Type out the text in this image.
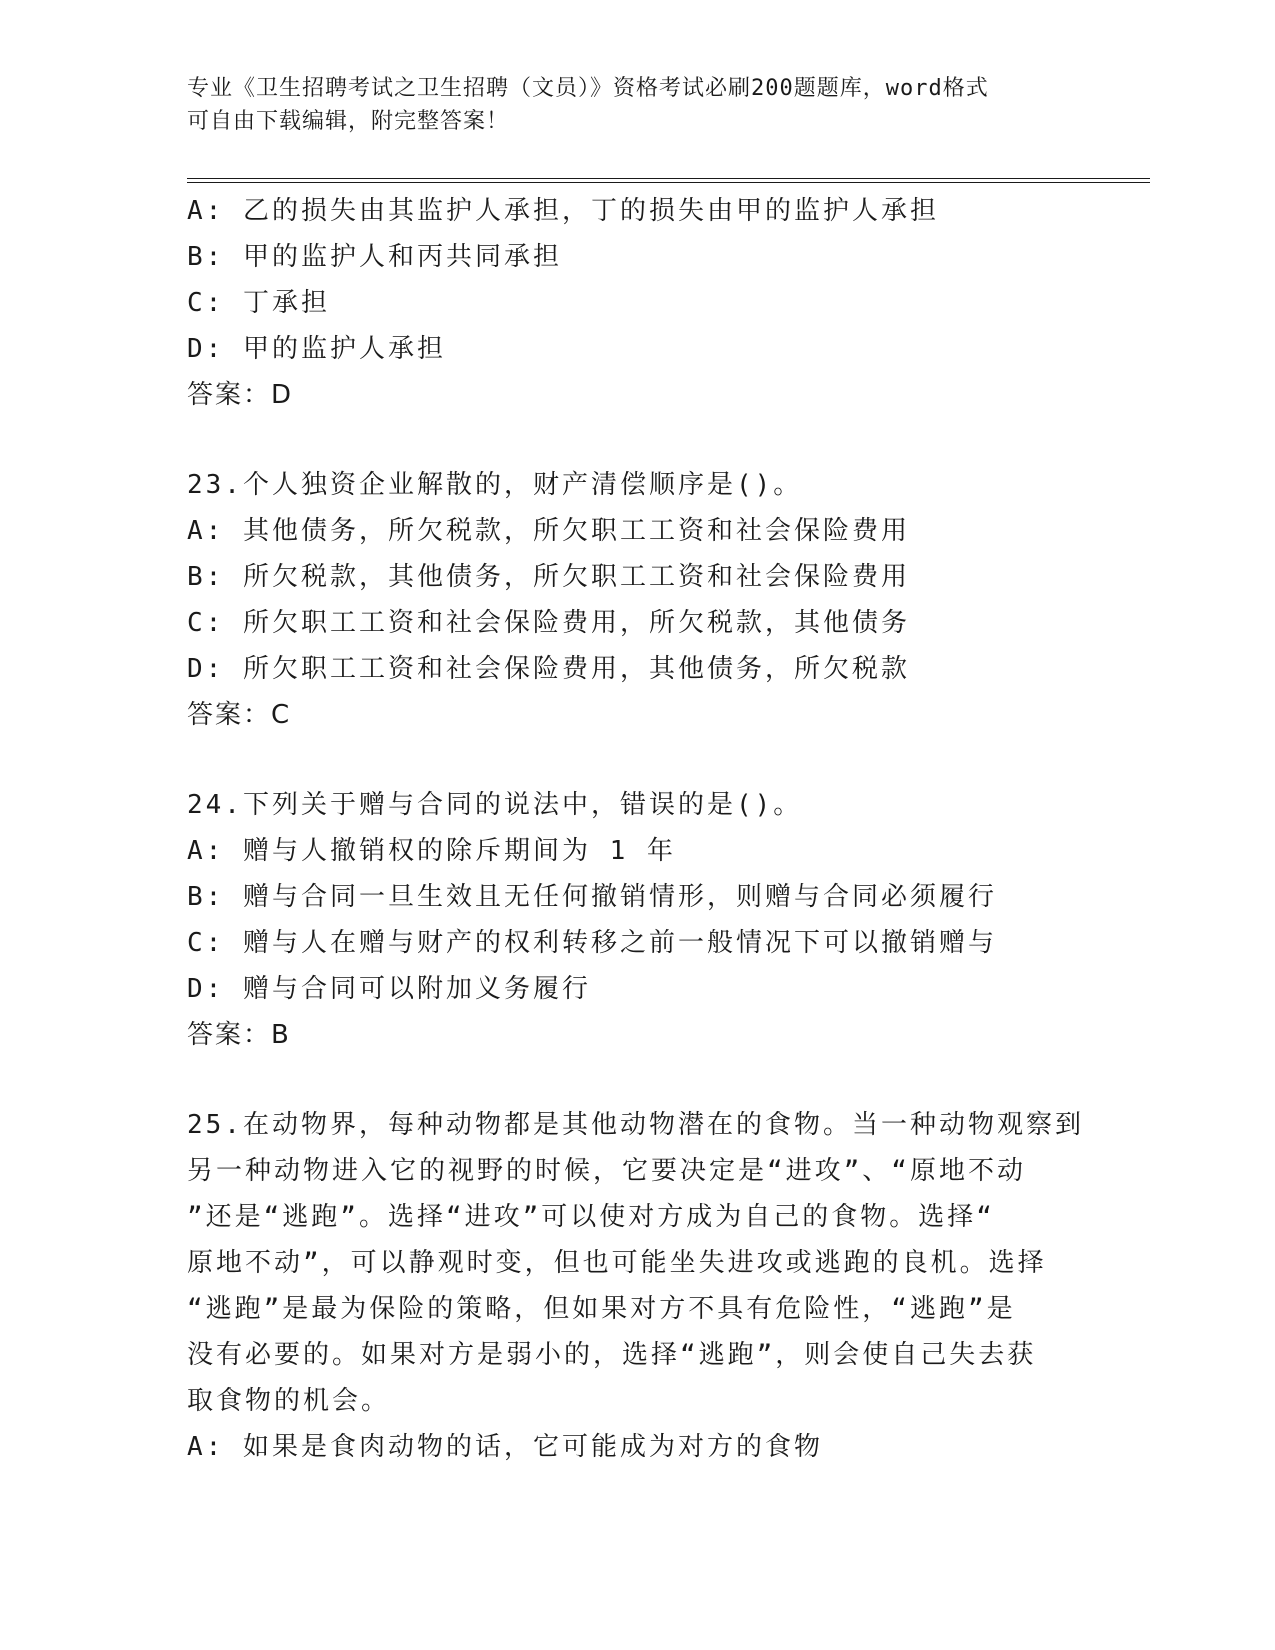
专业《卫生招聘考试之卫生招聘（文员）》资格考试必刷200题题库，word格式
可自由下载编辑，附完整答案！
A: 乙的损失由其监护人承担，丁的损失由甲的监护人承担
B: 甲的监护人和丙共同承担
C: 丁承担
D: 甲的监护人承担
答案：D
23.个人独资企业解散的，财产清偿顺序是()。
A: 其他债务，所欠税款，所欠职工工资和社会保险费用
B: 所欠税款，其他债务，所欠职工工资和社会保险费用
C: 所欠职工工资和社会保险费用，所欠税款，其他债务
D: 所欠职工工资和社会保险费用，其他债务，所欠税款
答案：C
24.下列关于赠与合同的说法中，错误的是()。
A: 赠与人撤销权的除斥期间为 1 年
B: 赠与合同一旦生效且无任何撤销情形，则赠与合同必须履行
C: 赠与人在赠与财产的权利转移之前一般情况下可以撤销赠与
D: 赠与合同可以附加义务履行
答案：B
25.在动物界，每种动物都是其他动物潜在的食物。当一种动物观察到
另一种动物进入它的视野的时候，它要决定是“进攻”、“原地不动
”还是“逃跑”。选择“进攻”可以使对方成为自己的食物。选择“
原地不动”，可以静观时变，但也可能坐失进攻或逃跑的良机。选择
“逃跑”是最为保险的策略，但如果对方不具有危险性，“逃跑”是
没有必要的。如果对方是弱小的，选择“逃跑”，则会使自己失去获
取食物的机会。
A: 如果是食肉动物的话，它可能成为对方的食物
